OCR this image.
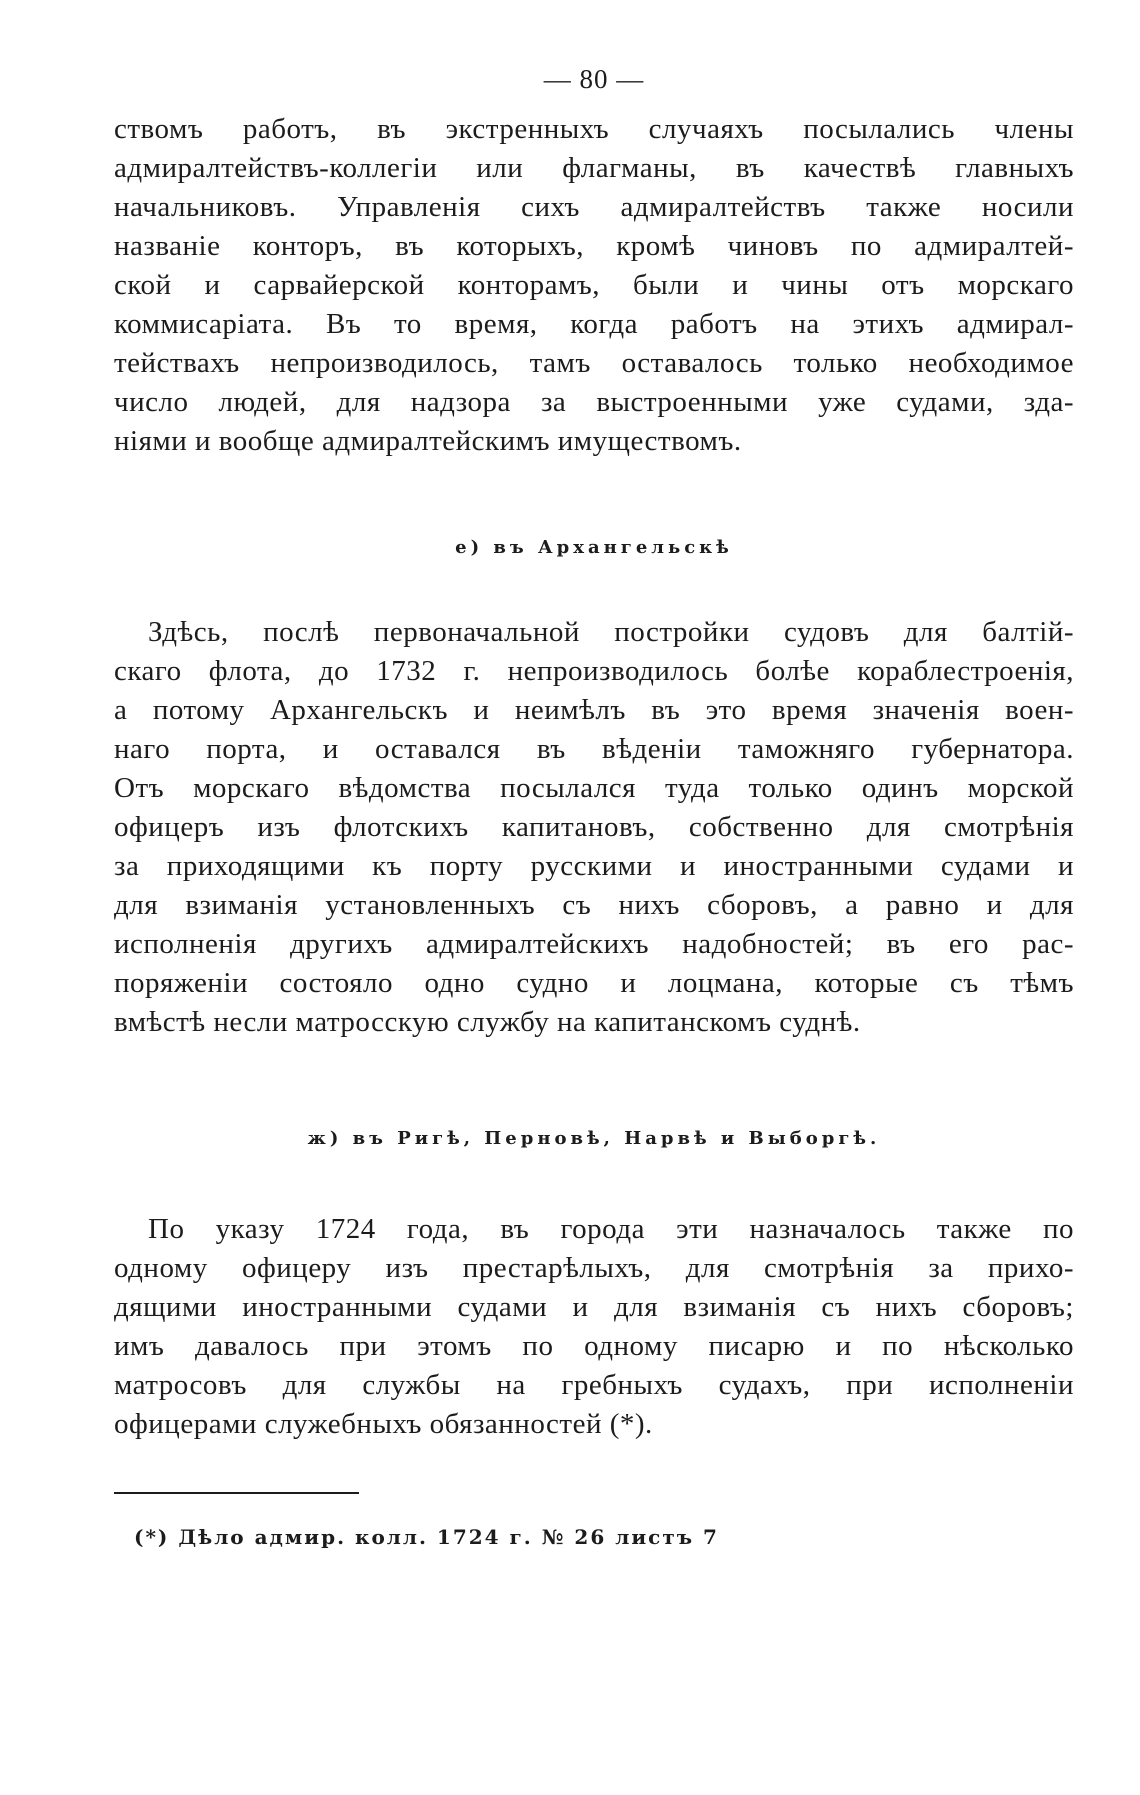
— 80 —
ствомъ работъ, въ экстренныхъ случаяхъ посылались члены
адмиралтействъ-коллегіи или флагманы, въ качествѣ главныхъ
начальниковъ. Управленія сихъ адмиралтействъ также носили
названіе конторъ, въ которыхъ, кромѣ чиновъ по адмиралтей-
ской и сарвайерской конторамъ, были и чины отъ морскаго
коммисаріата. Въ то время, когда работъ на этихъ адмирал-
тействахъ непроизводилось, тамъ оставалось только необходимое
число людей, для надзора за выстроенными уже судами, зда-
ніями и вообще адмиралтейскимъ имуществомъ.
е) въ Архангельскѣ
Здѣсь, послѣ первоначальной постройки судовъ для балтій-
скаго флота, до 1732 г. непроизводилось болѣе кораблестроенія,
а потому Архангельскъ и неимѣлъ въ это время значенія воен-
наго порта, и оставался въ вѣденіи таможняго губернатора.
Отъ морскаго вѣдомства посылался туда только одинъ морской
офицеръ изъ флотскихъ капитановъ, собственно для смотрѣнія
за приходящими къ порту русскими и иностранными судами и
для взиманія установленныхъ съ нихъ сборовъ, а равно и для
исполненія другихъ адмиралтейскихъ надобностей; въ его рас-
поряженіи состояло одно судно и лоцмана, которые съ тѣмъ
вмѣстѣ несли матросскую службу на капитанскомъ суднѣ.
ж) въ Ригѣ, Перновѣ, Нарвѣ и Выборгѣ.
По указу 1724 года, въ города эти назначалось также по
одному офицеру изъ престарѣлыхъ, для смотрѣнія за прихо-
дящими иностранными судами и для взиманія съ нихъ сборовъ;
имъ давалось при этомъ по одному писарю и по нѣсколько
матросовъ для службы на гребныхъ судахъ, при исполненіи
офицерами служебныхъ обязанностей (*).
(*) Дѣло адмир. колл. 1724 г. № 26 листъ 7
